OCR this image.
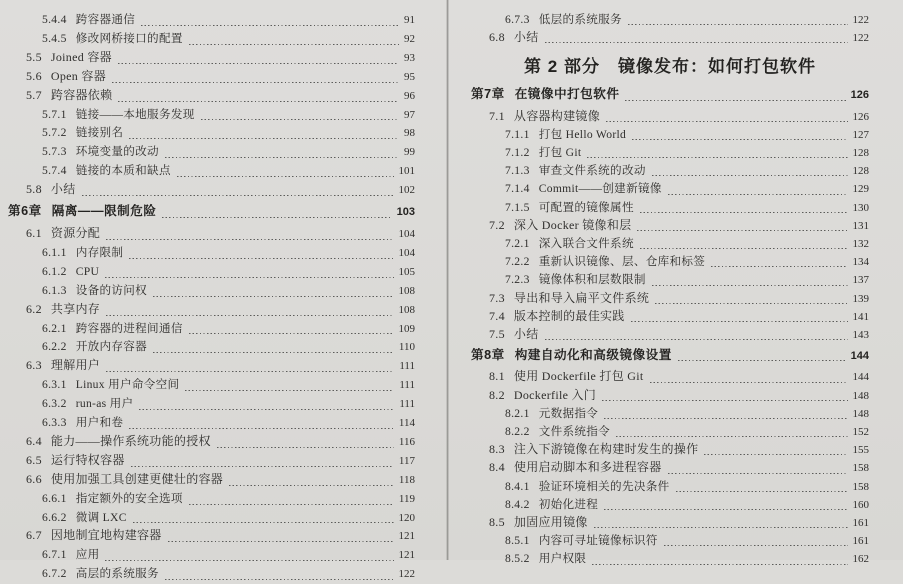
5.4.4 跨容器通信	91
5.4.5 修改网桥接口的配置	92
5.5 Joined 容器	93
5.6 Open 容器	95
5.7 跨容器依赖	96
5.7.1 链接——本地服务发现	97
5.7.2 链接别名	98
5.7.3 环境变量的改动	99
5.7.4 链接的本质和缺点	101
5.8 小结	102
第6章 隔离——限制危险	103
6.1 资源分配	104
6.1.1 内存限制	104
6.1.2 CPU	105
6.1.3 设备的访问权	108
6.2 共享内存	108
6.2.1 跨容器的进程间通信	109
6.2.2 开放内存容器	110
6.3 理解用户	111
6.3.1 Linux 用户命令空间	111
6.3.2 run-as 用户	111
6.3.3 用户和卷	114
6.4 能力——操作系统功能的授权	116
6.5 运行特权容器	117
6.6 使用加强工具创建更健壮的容器	118
6.6.1 指定额外的安全选项	119
6.6.2 微调 LXC	120
6.7 因地制宜地构建容器	121
6.7.1 应用	121
6.7.2 高层的系统服务	122
6.7.3 低层的系统服务	122
6.8 小结	122
第 2 部分 镜像发布：如何打包软件
第7章 在镜像中打包软件	126
7.1 从容器构建镜像	126
7.1.1 打包 Hello World	127
7.1.2 打包 Git	128
7.1.3 审查文件系统的改动	128
7.1.4 Commit——创建新镜像	129
7.1.5 可配置的镜像属性	130
7.2 深入 Docker 镜像和层	131
7.2.1 深入联合文件系统	132
7.2.2 重新认识镜像、层、仓库和标签	134
7.2.3 镜像体积和层数限制	137
7.3 导出和导入扁平文件系统	139
7.4 版本控制的最佳实践	141
7.5 小结	143
第8章 构建自动化和高级镜像设置	144
8.1 使用 Dockerfile 打包 Git	144
8.2 Dockerfile 入门	148
8.2.1 元数据指令	148
8.2.2 文件系统指令	152
8.3 注入下游镜像在构建时发生的操作	155
8.4 使用启动脚本和多进程容器	158
8.4.1 验证环境相关的先决条件	158
8.4.2 初始化进程	160
8.5 加固应用镜像	161
8.5.1 内容可寻址镜像标识符	161
8.5.2 用户权限	162
